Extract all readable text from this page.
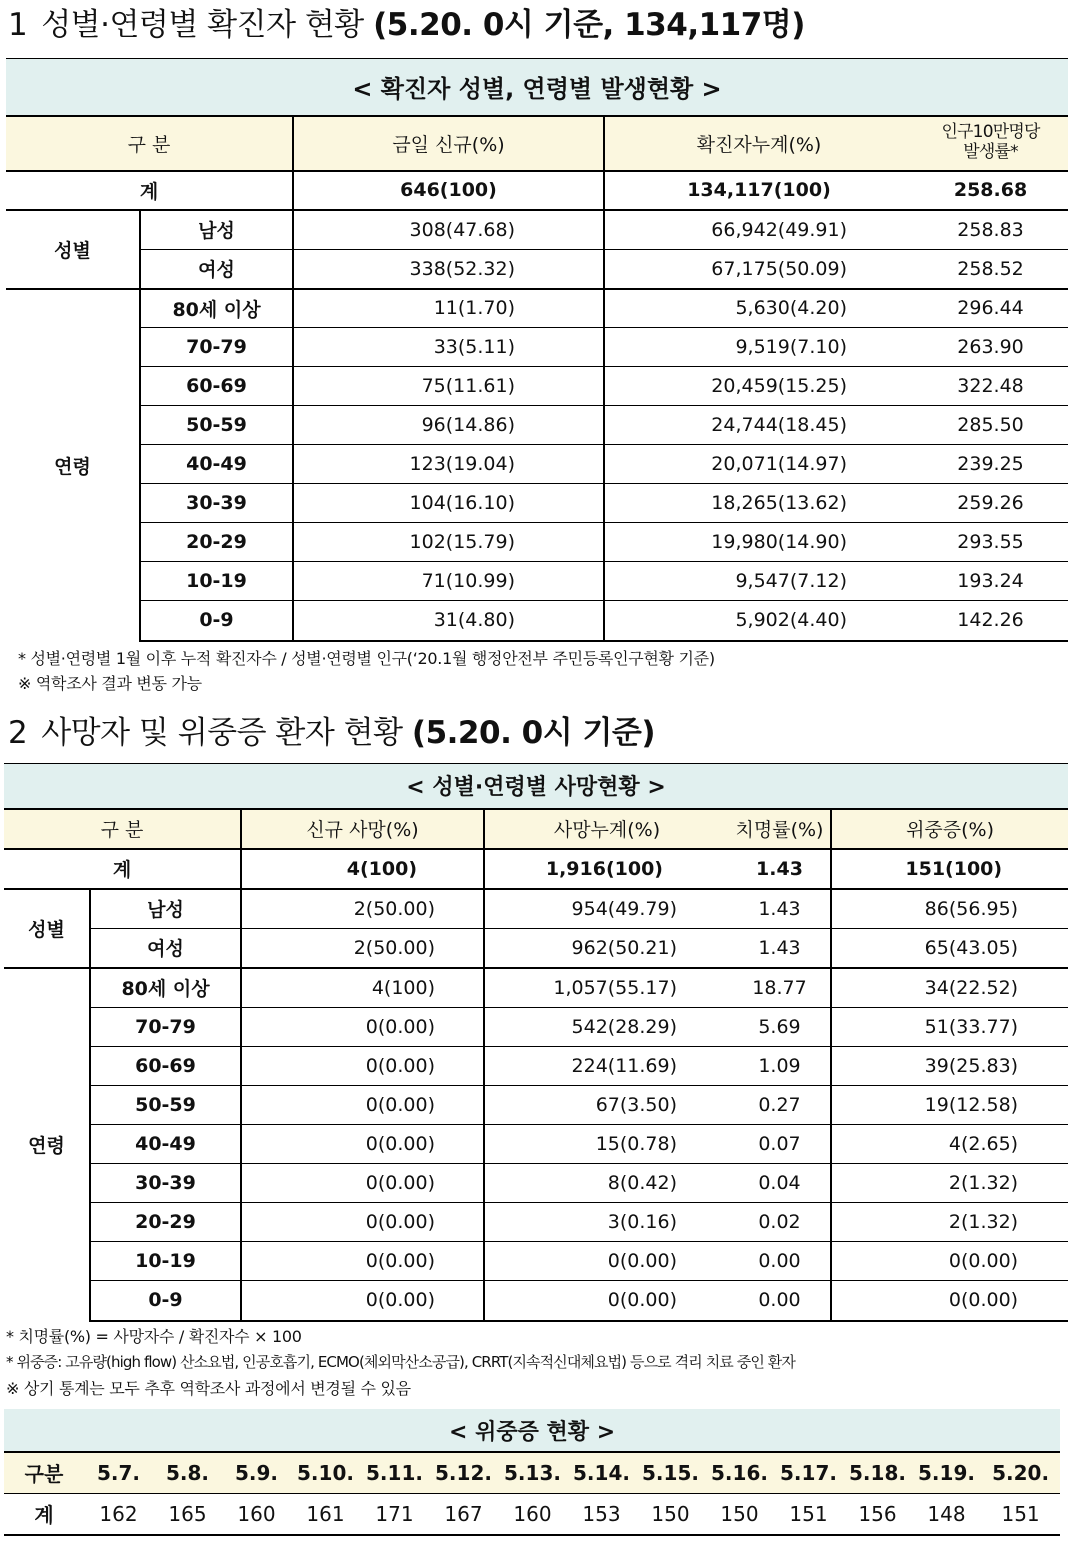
1 성별·연령별 확진자 현황 (5.20. 0시 기준, 134,117명)
< 확진자 성별, 연령별 발생현황 >				
구 분		금일 신규(%)	확진자누계(%)	인구10만명당
발생률*
계		646(100)	134,117(100)	258.68
성별	남성	308(47.68)	66,942(49.91)	258.83
	여성	338(52.32)	67,175(50.09)	258.52
연령	80세 이상	11(1.70)	5,630(4.20)	296.44
	70-79	33(5.11)	9,519(7.10)	263.90
	60-69	75(11.61)	20,459(15.25)	322.48
	50-59	96(14.86)	24,744(18.45)	285.50
	40-49	123(19.04)	20,071(14.97)	239.25
	30-39	104(16.10)	18,265(13.62)	259.26
	20-29	102(15.79)	19,980(14.90)	293.55
	10-19	71(10.99)	9,547(7.12)	193.24
	0-9	31(4.80)	5,902(4.40)	142.26
* 성별·연령별 1월 이후 누적 확진자수 / 성별·연령별 인구(‘20.1월 행정안전부 주민등록인구현황 기준)
※ 역학조사 결과 변동 가능
2 사망자 및 위중증 환자 현황 (5.20. 0시 기준)
< 성별·연령별 사망현황 >					
구 분		신규 사망(%)	사망누계(%)	치명률(%)	위중증(%)
계		4(100)	1,916(100)	1.43	151(100)
성별	남성	2(50.00)	954(49.79)	1.43	86(56.95)
	여성	2(50.00)	962(50.21)	1.43	65(43.05)
연령	80세 이상	4(100)	1,057(55.17)	18.77	34(22.52)
	70-79	0(0.00)	542(28.29)	5.69	51(33.77)
	60-69	0(0.00)	224(11.69)	1.09	39(25.83)
	50-59	0(0.00)	67(3.50)	0.27	19(12.58)
	40-49	0(0.00)	15(0.78)	0.07	4(2.65)
	30-39	0(0.00)	8(0.42)	0.04	2(1.32)
	20-29	0(0.00)	3(0.16)	0.02	2(1.32)
	10-19	0(0.00)	0(0.00)	0.00	0(0.00)
	0-9	0(0.00)	0(0.00)	0.00	0(0.00)
* 치명률(%) = 사망자수 / 확진자수 × 100
* 위중증: 고유량(high flow) 산소요법, 인공호흡기, ECMO(체외막산소공급), CRRT(지속적신대체요법) 등으로 격리 치료 중인 환자
※ 상기 통계는 모두 추후 역학조사 과정에서 변경될 수 있음
< 위중증 현황 >														
구분	5.7.	5.8.	5.9.	5.10.	5.11.	5.12.	5.13.	5.14.	5.15.	5.16.	5.17.	5.18.	5.19.	5.20.
계	162	165	160	161	171	167	160	153	150	150	151	156	148	151
